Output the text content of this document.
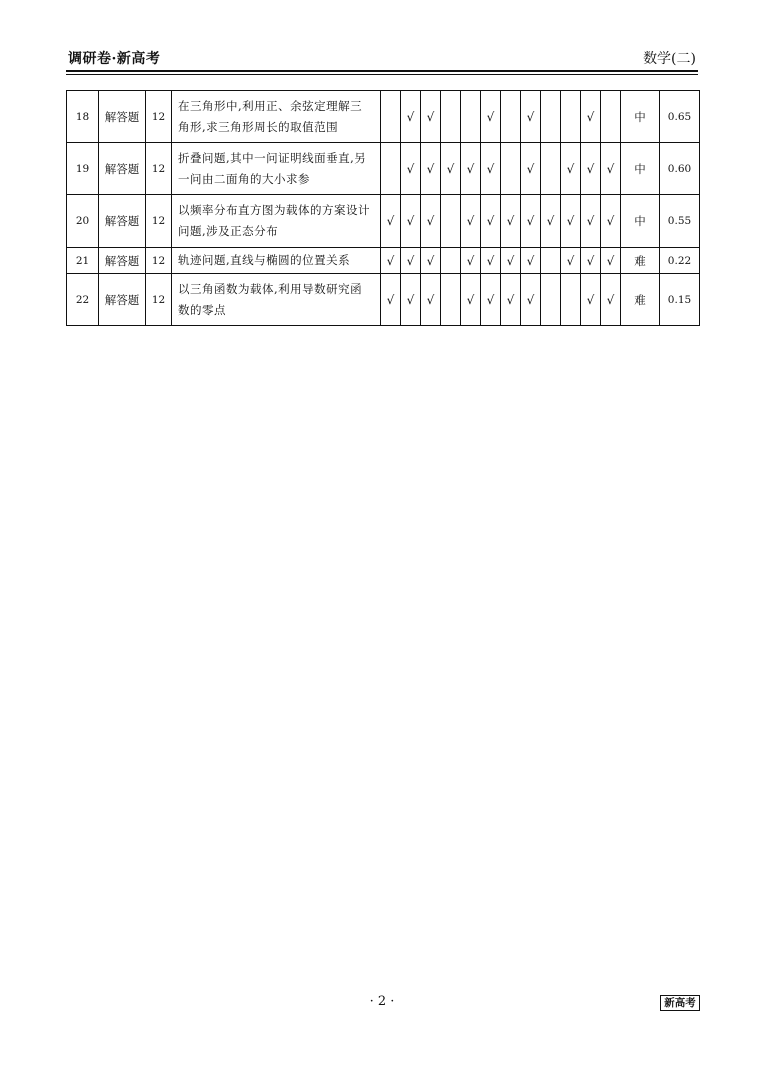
调研卷·新高考	数学(二)
18	解答题	12	在三角形中,利用正、余弦定理解三角形,求三角形周长的取值范围		√	√			√		√			√		中	0.65
19	解答题	12	折叠问题,其中一问证明线面垂直,另一问由二面角的大小求参		√	√	√	√	√		√		√	√	√	中	0.60
20	解答题	12	以频率分布直方图为载体的方案设计问题,涉及正态分布	√	√	√		√	√	√	√	√	√	√	√	中	0.55
21	解答题	12	轨迹问题,直线与椭圆的位置关系	√	√	√		√	√	√	√		√	√	√	难	0.22
22	解答题	12	以三角函数为载体,利用导数研究函数的零点	√	√	√		√	√	√	√			√	√	难	0.15
· 2 ·	新高考
